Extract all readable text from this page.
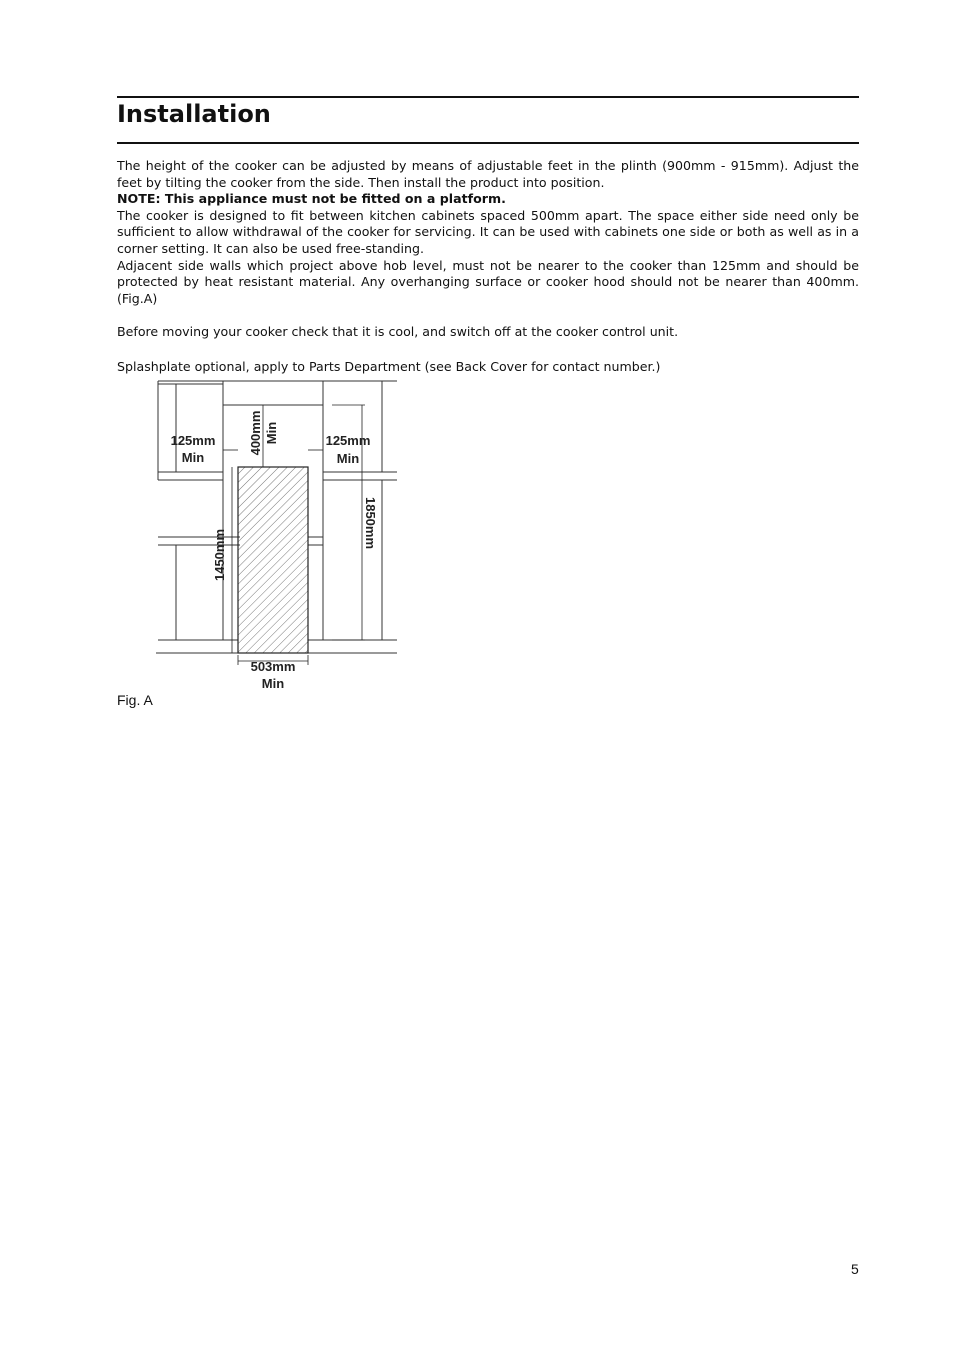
Installation

The height of the cooker can be adjusted by means of adjustable feet in the plinth (900mm - 915mm). Adjust the feet by tilting the cooker from the side. Then install the product into position.

NOTE: This appliance must not be fitted on a platform.

The cooker is designed to fit between kitchen cabinets spaced 500mm apart. The space either side need only be sufficient to allow withdrawal of the cooker for servicing. It can be used with cabinets one side or both as well as in a corner setting. It can also be used free-standing.

Adjacent side walls which project above hob level, must not be nearer to the cooker than 125mm and should be protected by heat resistant material. Any overhanging surface or cooker hood should not be nearer than 400mm. (Fig.A)

Before moving your cooker check that it is cool, and switch off at the cooker control unit.

Splashplate optional, apply to Parts Department (see Back Cover for contact number.)

125mm
Min
125mm
Min
400mm Min
1450mm
1850mm
503mm
Min
Fig. A
5
